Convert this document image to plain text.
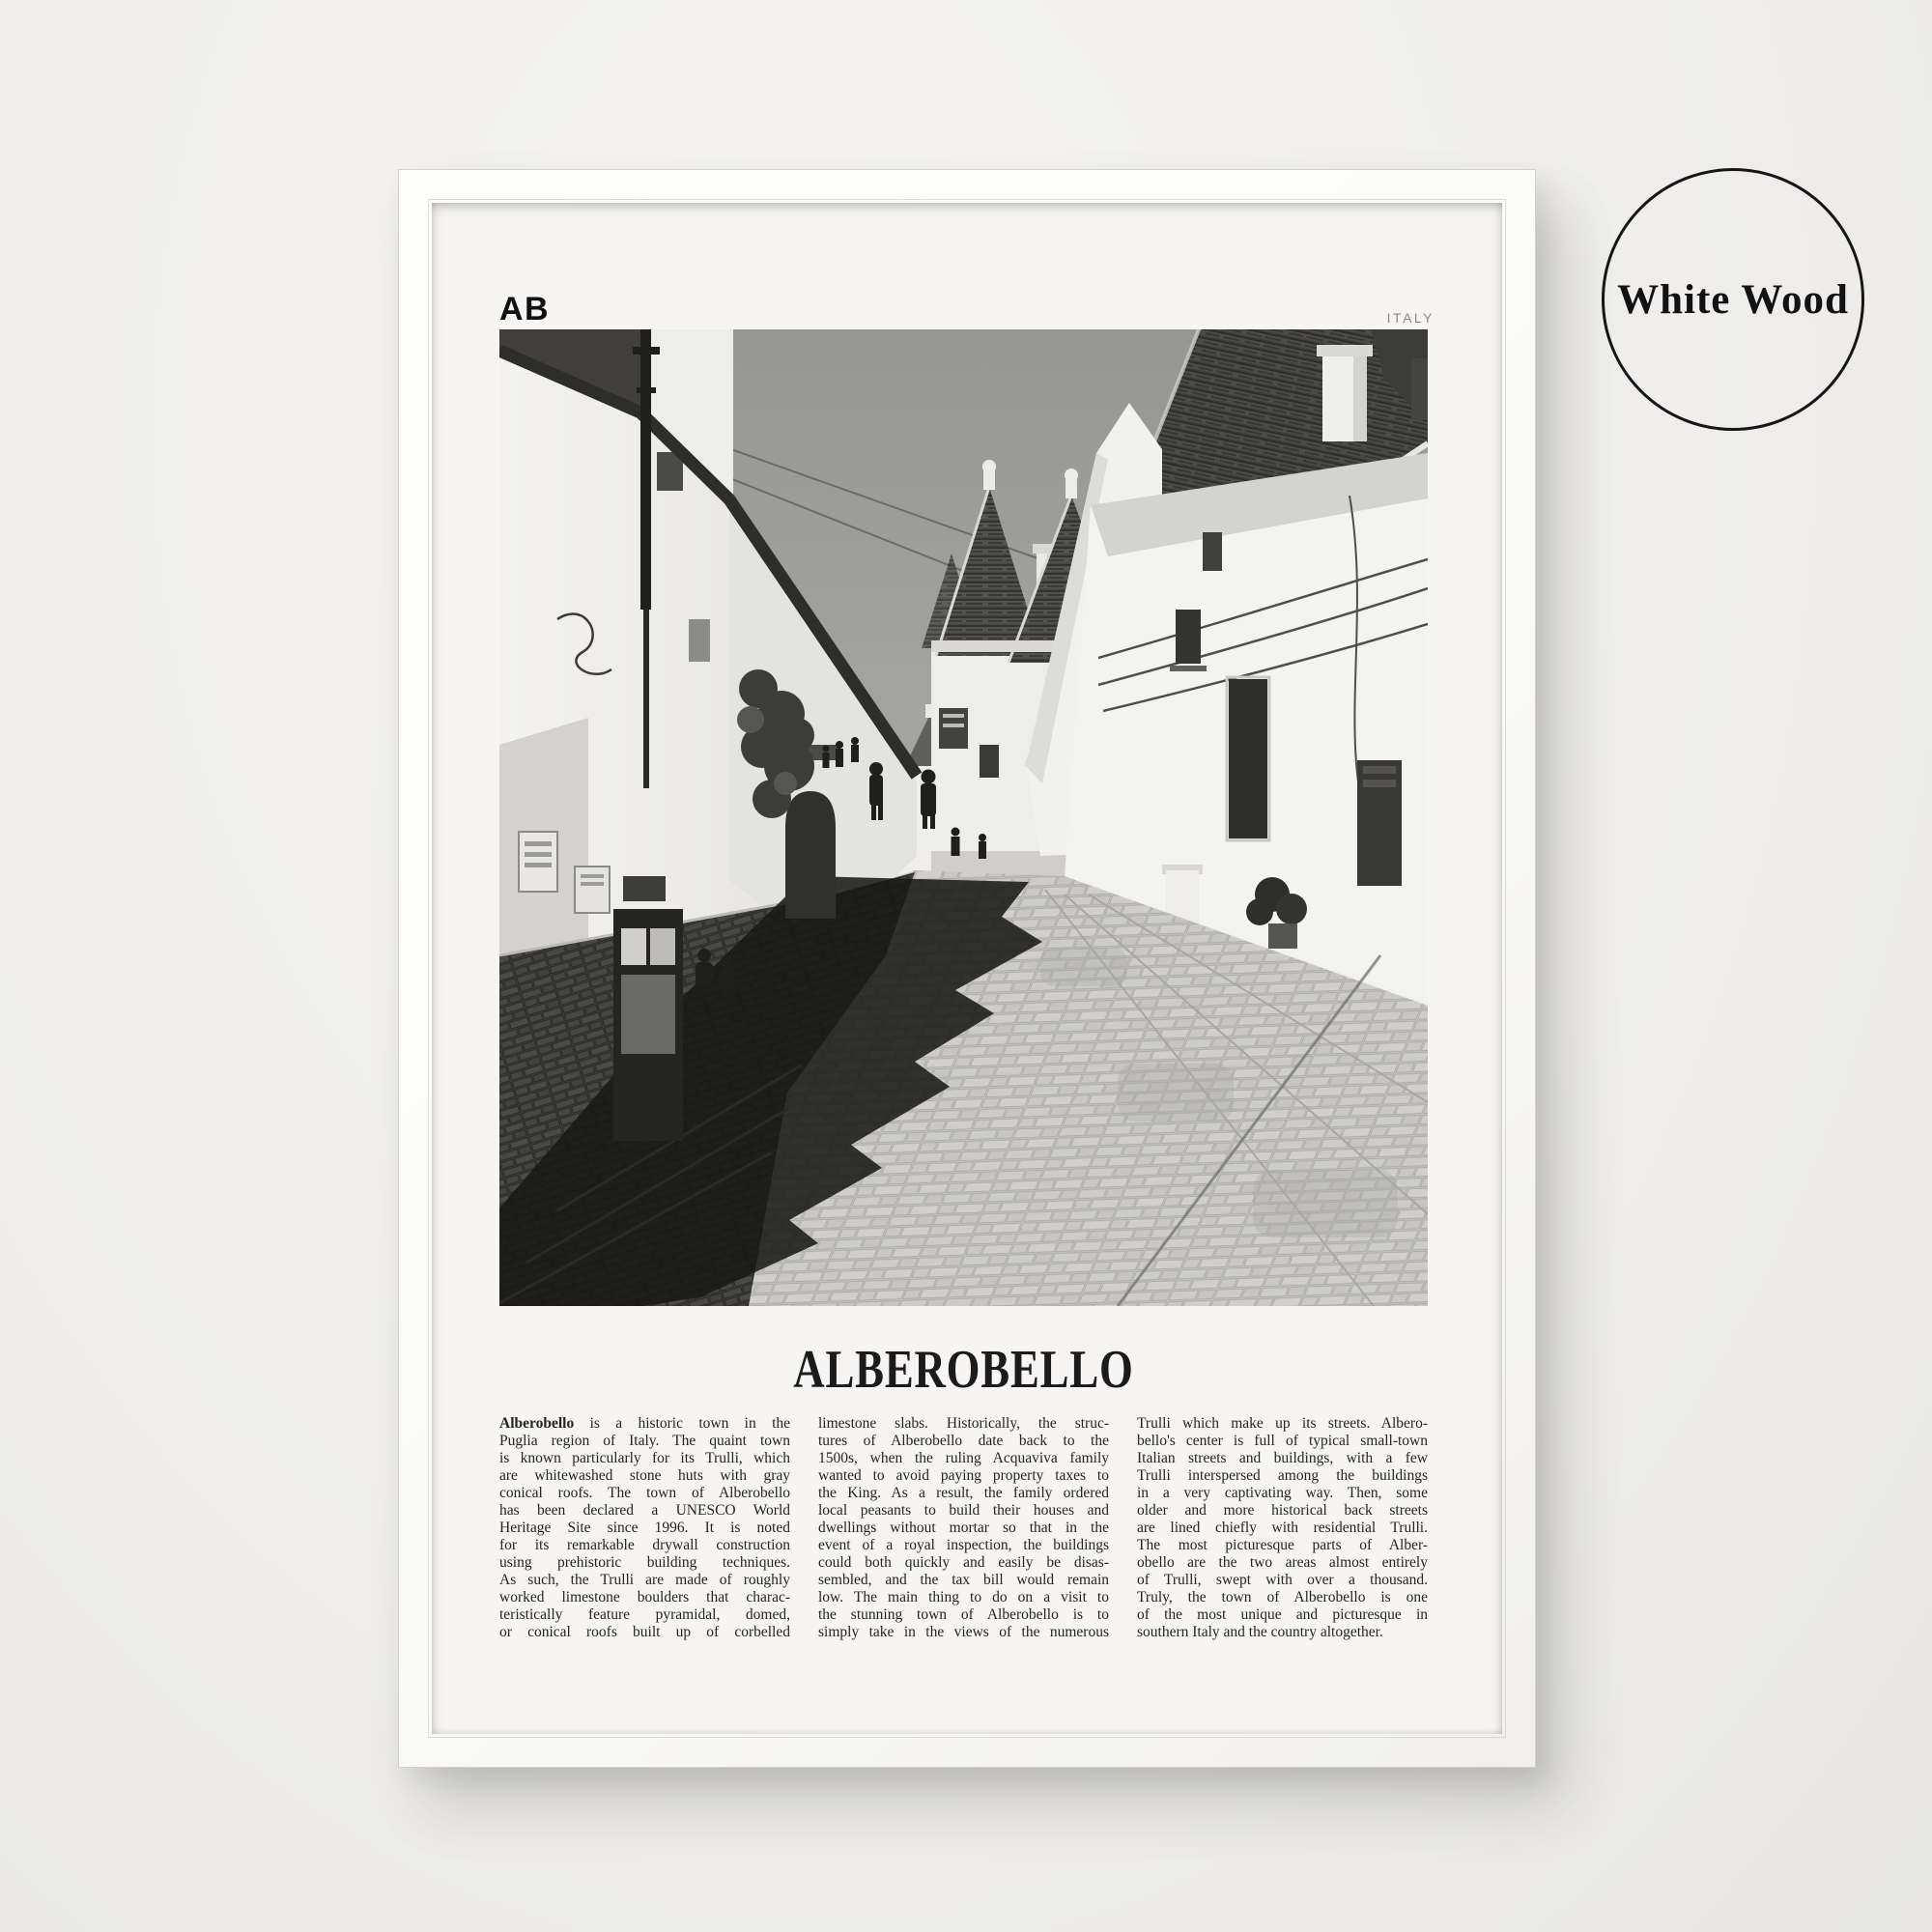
White Wood
AB	ITALY
ALBEROBELLO
Alberobello is a historic town in the
Puglia region of Italy. The quaint town
is known particularly for its Trulli, which
are whitewashed stone huts with gray
conical roofs. The town of Alberobello
has been declared a UNESCO World
Heritage Site since 1996. It is noted
for its remarkable drywall construction
using prehistoric building techniques.
As such, the Trulli are made of roughly
worked limestone boulders that charac-
teristically feature pyramidal, domed,
or conical roofs built up of corbelled
limestone slabs. Historically, the struc-
tures of Alberobello date back to the
1500s, when the ruling Acquaviva family
wanted to avoid paying property taxes to
the King. As a result, the family ordered
local peasants to build their houses and
dwellings without mortar so that in the
event of a royal inspection, the buildings
could both quickly and easily be disas-
sembled, and the tax bill would remain
low. The main thing to do on a visit to
the stunning town of Alberobello is to
simply take in the views of the numerous
Trulli which make up its streets. Albero-
bello's center is full of typical small-town
Italian streets and buildings, with a few
Trulli interspersed among the buildings
in a very captivating way. Then, some
older and more historical back streets
are lined chiefly with residential Trulli.
The most picturesque parts of Alber-
obello are the two areas almost entirely
of Trulli, swept with over a thousand.
Truly, the town of Alberobello is one
of the most unique and picturesque in
southern Italy and the country altogether.
